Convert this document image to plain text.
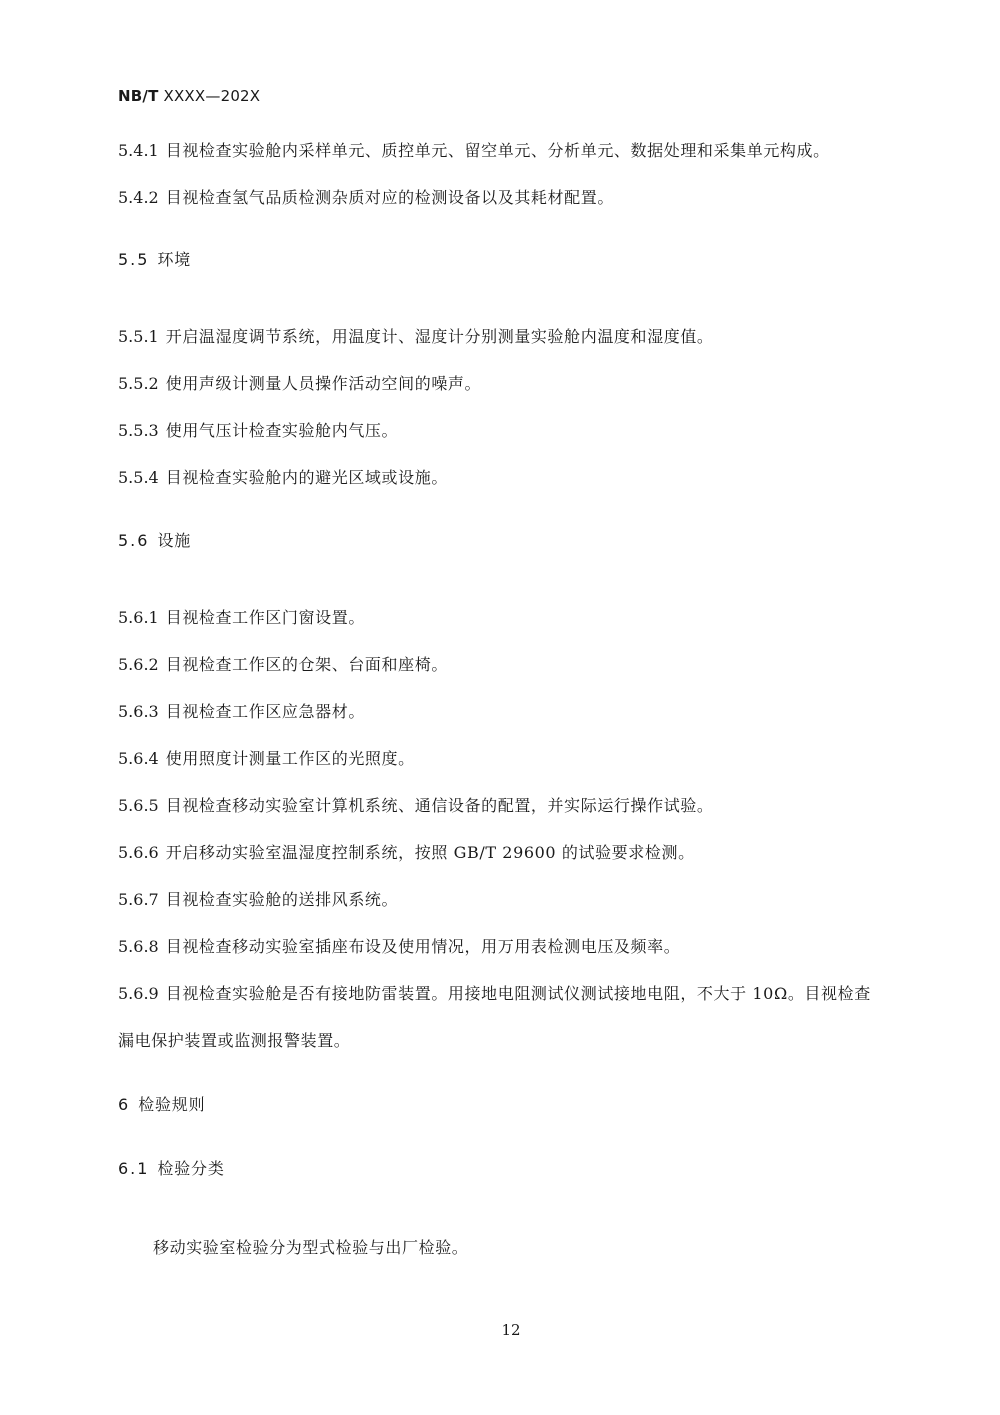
NB/T XXXX—202X
5.4.1 目视检查实验舱内采样单元、质控单元、留空单元、分析单元、数据处理和采集单元构成。
5.4.2 目视检查氢气品质检测杂质对应的检测设备以及其耗材配置。
5.5 环境
5.5.1 开启温湿度调节系统，用温度计、湿度计分别测量实验舱内温度和湿度值。
5.5.2 使用声级计测量人员操作活动空间的噪声。
5.5.3 使用气压计检查实验舱内气压。
5.5.4 目视检查实验舱内的避光区域或设施。
5.6 设施
5.6.1 目视检查工作区门窗设置。
5.6.2 目视检查工作区的仓架、台面和座椅。
5.6.3 目视检查工作区应急器材。
5.6.4 使用照度计测量工作区的光照度。
5.6.5 目视检查移动实验室计算机系统、通信设备的配置，并实际运行操作试验。
5.6.6 开启移动实验室温湿度控制系统，按照 GB/T 29600 的试验要求检测。
5.6.7 目视检查实验舱的送排风系统。
5.6.8 目视检查移动实验室插座布设及使用情况，用万用表检测电压及频率。
5.6.9 目视检查实验舱是否有接地防雷装置。用接地电阻测试仪测试接地电阻，不大于 10Ω。目视检查
漏电保护装置或监测报警装置。
6 检验规则
6.1 检验分类
移动实验室检验分为型式检验与出厂检验。
12
